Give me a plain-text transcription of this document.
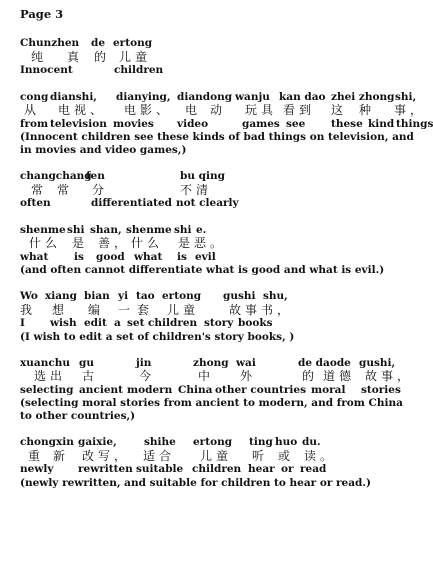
Page 3
Chunzhen de ertong
纯 真 的 儿童
Innocent	children
cong dianshi, dianying, diandong wanju kan dao zhei zhong shi,
从 电视、 电影、 电 动 玩具 看到 这 种 事，
from television movies video	games see these kind things
(Innocent children see these kinds of bad things on television, and in movies and video games,)
changchang
fen	bu qing
常 常 分	不清
often	differentiated not clearly
shenme shi shan, shenme shi e.
什么 是 善， 什么 是恶。
what is good what is evil
(and often cannot differentiate what is good and what is evil.)
Wo xiang bian yi tao ertong gushi shu,
我 想 编 一 套 儿童 故事书，
I wish edit a set children story books
(I wish to edit a set of children's story books, )
xuanchu gu	jin	zhong wai	de daode gushi,
选出 古	今	中 外	的 道德 故事，
selecting ancient modern China other countries moral stories
(selecting moral stories from ancient to modern, and from China to other countries,)
chongxin gaixie,	shihe ertong ting huo du.
重 新 改写， 适合 儿童 听 或 读。
newly rewritten suitable children hear or read
(newly rewritten, and suitable for children to hear or read.)
